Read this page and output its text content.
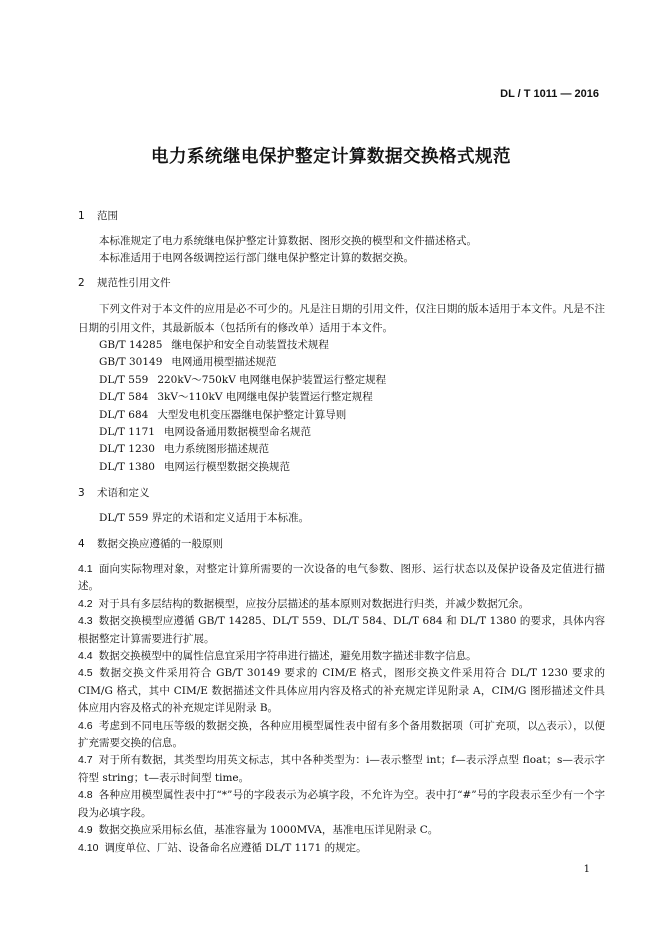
DL / T 1011 — 2016
电力系统继电保护整定计算数据交换格式规范
1 范围
本标准规定了电力系统继电保护整定计算数据、图形交换的模型和文件描述格式。
本标准适用于电网各级调控运行部门继电保护整定计算的数据交换。
2 规范性引用文件
下列文件对于本文件的应用是必不可少的。凡是注日期的引用文件，仅注日期的版本适用于本文件。凡是不注日期的引用文件，其最新版本（包括所有的修改单）适用于本文件。
GB/T 14285 继电保护和安全自动装置技术规程
GB/T 30149 电网通用模型描述规范
DL/T 559 220kV～750kV 电网继电保护装置运行整定规程
DL/T 584 3kV～110kV 电网继电保护装置运行整定规程
DL/T 684 大型发电机变压器继电保护整定计算导则
DL/T 1171 电网设备通用数据模型命名规范
DL/T 1230 电力系统图形描述规范
DL/T 1380 电网运行模型数据交换规范
3 术语和定义
DL/T 559 界定的术语和定义适用于本标准。
4 数据交换应遵循的一般原则
4.1 面向实际物理对象，对整定计算所需要的一次设备的电气参数、图形、运行状态以及保护设备及定值进行描述。
4.2 对于具有多层结构的数据模型，应按分层描述的基本原则对数据进行归类，并减少数据冗余。
4.3 数据交换模型应遵循 GB/T 14285、DL/T 559、DL/T 584、DL/T 684 和 DL/T 1380 的要求，具体内容根据整定计算需要进行扩展。
4.4 数据交换模型中的属性信息宜采用字符串进行描述，避免用数字描述非数字信息。
4.5 数据交换文件采用符合 GB/T 30149 要求的 CIM/E 格式，图形交换文件采用符合 DL/T 1230 要求的 CIM/G 格式，其中 CIM/E 数据描述文件具体应用内容及格式的补充规定详见附录 A，CIM/G 图形描述文件具体应用内容及格式的补充规定详见附录 B。
4.6 考虑到不同电压等级的数据交换，各种应用模型属性表中留有多个备用数据项（可扩充项，以△表示），以便扩充需要交换的信息。
4.7 对于所有数据，其类型均用英文标志，其中各种类型为：i—表示整型 int；f—表示浮点型 float；s—表示字符型 string；t—表示时间型 time。
4.8 各种应用模型属性表中打“*”号的字段表示为必填字段，不允许为空。表中打“#”号的字段表示至少有一个字段为必填字段。
4.9 数据交换应采用标幺值，基准容量为 1000MVA，基准电压详见附录 C。
4.10 调度单位、厂站、设备命名应遵循 DL/T 1171 的规定。
1
